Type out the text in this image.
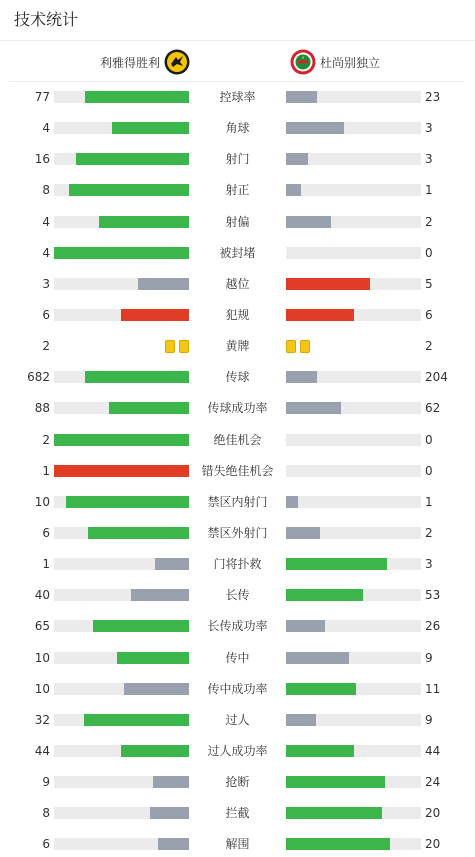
技术统计
利雅得胜利	杜尚别独立
77	控球率	23
4	角球	3
16	射门	3
8	射正	1
4	射偏	2
4	被封堵	0
3	越位	5
6	犯规	6
2	黄牌	2
682	传球	204
88	传球成功率	62
2	绝佳机会	0
1	错失绝佳机会	0
10	禁区内射门	1
6	禁区外射门	2
1	门将扑救	3
40	长传	53
65	长传成功率	26
10	传中	9
10	传中成功率	11
32	过人	9
44	过人成功率	44
9	抢断	24
8	拦截	20
6	解围	20
